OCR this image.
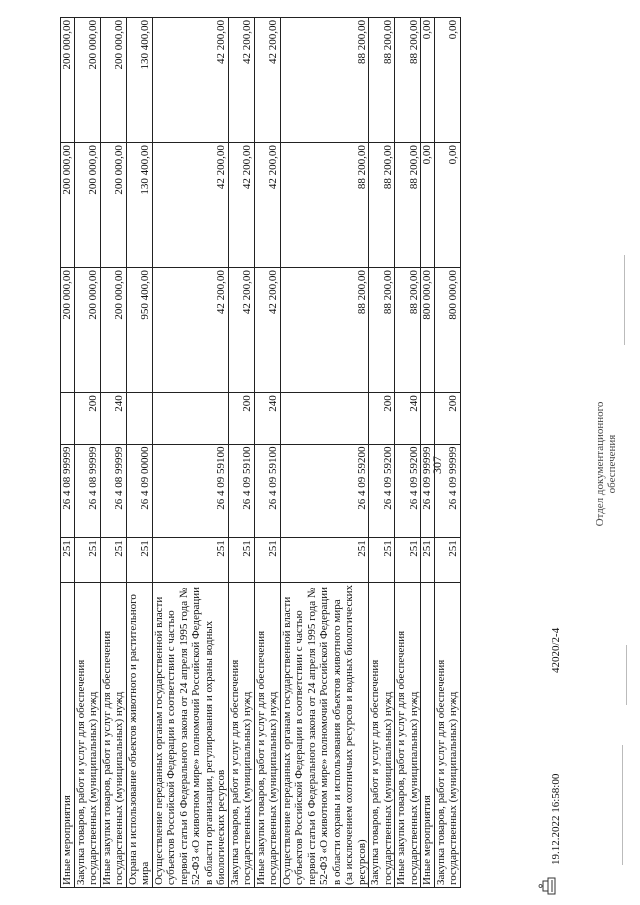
307
Иные мероприятия	251	26 4 08 99999		200 000,00	200 000,00	200 000,00
Закупка товаров, работ и услуг для обеспечения государственных (муниципальных) нужд	251	26 4 08 99999	200	200 000,00	200 000,00	200 000,00
Иные закупки товаров, работ и услуг для обеспечения государственных (муниципальных) нужд	251	26 4 08 99999	240	200 000,00	200 000,00	200 000,00
Охрана и использование объектов животного и растительного мира	251	26 4 09 00000		950 400,00	130 400,00	130 400,00
Осуществление переданных органам государственной власти субъектов Российской Федерации в соответствии с частью первой статьи 6 Федерального закона от 24 апреля 1995 года № 52-ФЗ «О животном мире» полномочий Российской Федерации в области организации, регулирования и охраны водных биологических ресурсов	251	26 4 09 59100		42 200,00	42 200,00	42 200,00
Закупка товаров, работ и услуг для обеспечения государственных (муниципальных) нужд	251	26 4 09 59100	200	42 200,00	42 200,00	42 200,00
Иные закупки товаров, работ и услуг для обеспечения государственных (муниципальных) нужд	251	26 4 09 59100	240	42 200,00	42 200,00	42 200,00
Осуществление переданных органам государственной власти субъектов Российской Федерации в соответствии с частью первой статьи 6 Федерального закона от 24 апреля 1995 года № 52-ФЗ «О животном мире» полномочий Российской Федерации в области охраны и использования объектов животного мира (за исключением охотничьих ресурсов и водных биологических ресурсов)	251	26 4 09 59200		88 200,00	88 200,00	88 200,00
Закупка товаров, работ и услуг для обеспечения государственных (муниципальных) нужд	251	26 4 09 59200	200	88 200,00	88 200,00	88 200,00
Иные закупки товаров, работ и услуг для обеспечения государственных (муниципальных) нужд	251	26 4 09 59200	240	88 200,00	88 200,00	88 200,00
Иные мероприятия	251	26 4 09 99999		800 000,00	0,00	0,00
Закупка товаров, работ и услуг для обеспечения государственных (муниципальных) нужд	251	26 4 09 99999	200	800 000,00	0,00	0,00
19.12.2022 16:58:00
42020/2-4
Отдел документационного обеспечения
